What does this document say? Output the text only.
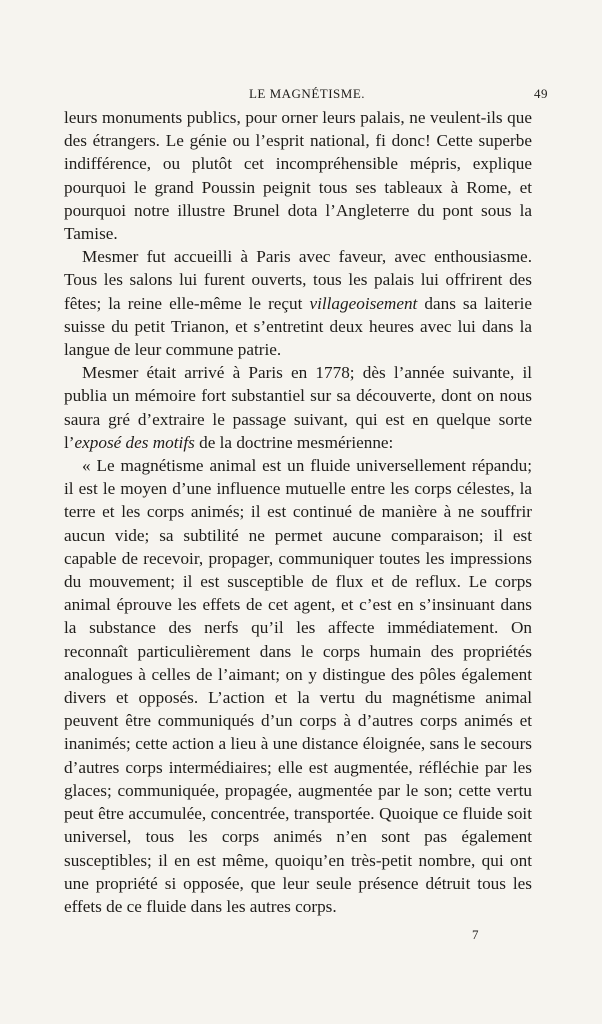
LE MAGNÉTISME.	49

leurs monuments publics, pour orner leurs palais, ne veulent-ils que des étrangers. Le génie ou l’esprit national, fi donc! Cette superbe indifférence, ou plutôt cet incompréhensible mépris, explique pourquoi le grand Poussin peignit tous ses tableaux à Rome, et pourquoi notre illustre Brunel dota l’Angleterre du pont sous la Tamise.

Mesmer fut accueilli à Paris avec faveur, avec enthousiasme. Tous les salons lui furent ouverts, tous les palais lui offrirent des fêtes; la reine elle-même le reçut villageoisement dans sa laiterie suisse du petit Trianon, et s’entretint deux heures avec lui dans la langue de leur commune patrie.

Mesmer était arrivé à Paris en 1778; dès l’année suivante, il publia un mémoire fort substantiel sur sa découverte, dont on nous saura gré d’extraire le passage suivant, qui est en quelque sorte l’exposé des motifs de la doctrine mesmérienne:

« Le magnétisme animal est un fluide universellement répandu; il est le moyen d’une influence mutuelle entre les corps célestes, la terre et les corps animés; il est continué de manière à ne souffrir aucun vide; sa subtilité ne permet aucune comparaison; il est capable de recevoir, propager, communiquer toutes les impressions du mouvement; il est susceptible de flux et de reflux. Le corps animal éprouve les effets de cet agent, et c’est en s’insinuant dans la substance des nerfs qu’il les affecte immédiatement. On reconnaît particulièrement dans le corps humain des propriétés analogues à celles de l’aimant; on y distingue des pôles également divers et opposés. L’action et la vertu du magnétisme animal peuvent être communiqués d’un corps à d’autres corps animés et inanimés; cette action a lieu à une distance éloignée, sans le secours d’autres corps intermédiaires; elle est augmentée, réfléchie par les glaces; communiquée, propagée, augmentée par le son; cette vertu peut être accumulée, concentrée, transportée. Quoique ce fluide soit universel, tous les corps animés n’en sont pas également susceptibles; il en est même, quoiqu’en très-petit nombre, qui ont une propriété si opposée, que leur seule présence détruit tous les effets de ce fluide dans les autres corps.

7
